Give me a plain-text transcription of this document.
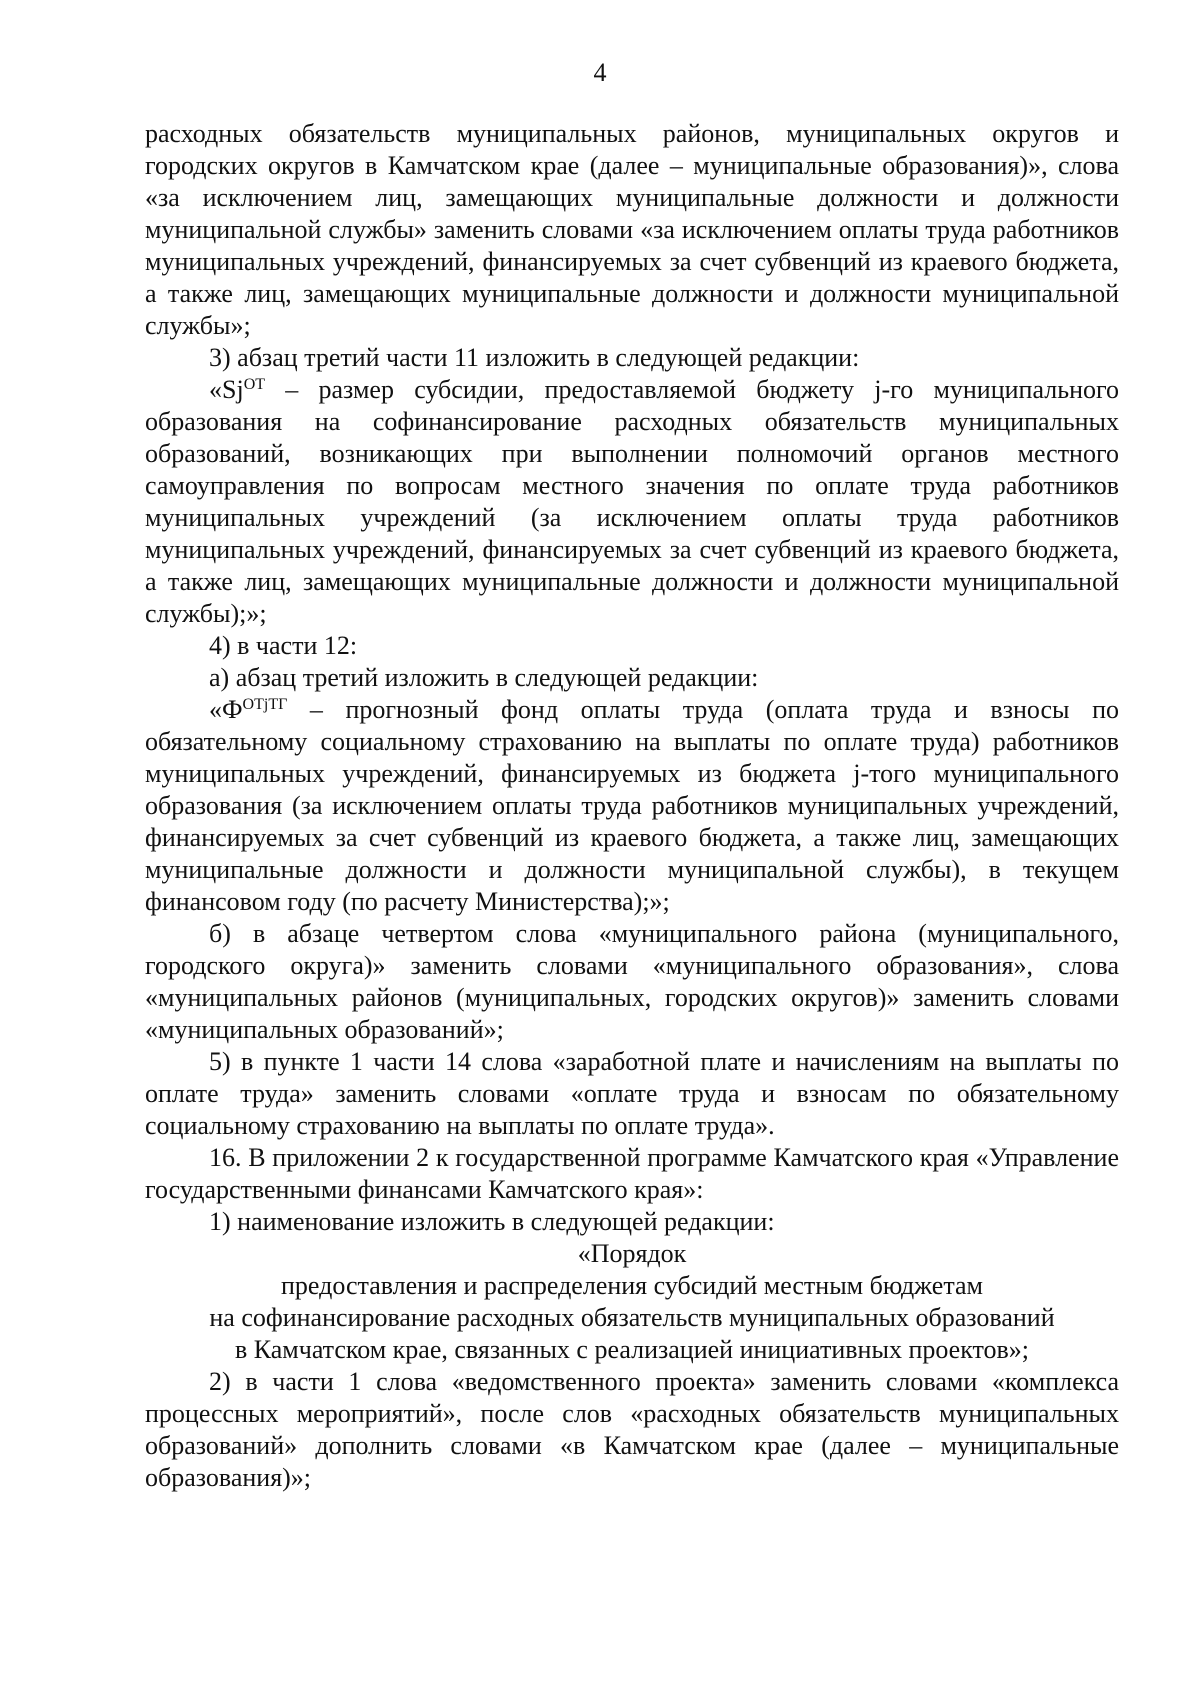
4

расходных обязательств муниципальных районов, муниципальных округов и городских округов в Камчатском крае (далее – муниципальные образования)», слова «за исключением лиц, замещающих муниципальные должности и должности муниципальной службы» заменить словами «за исключением оплаты труда работников муниципальных учреждений, финансируемых за счет субвенций из краевого бюджета, а также лиц, замещающих муниципальные должности и должности муниципальной службы»;

3) абзац третий части 11 изложить в следующей редакции:

«$Sj^{ОТ}$ – размер субсидии, предоставляемой бюджету j-го муниципального образования на софинансирование расходных обязательств муниципальных образований, возникающих при выполнении полномочий органов местного самоуправления по вопросам местного значения по оплате труда работников муниципальных учреждений (за исключением оплаты труда работников муниципальных учреждений, финансируемых за счет субвенций из краевого бюджета, а также лиц, замещающих муниципальные должности и должности муниципальной службы);»;

4) в части 12:

а) абзац третий изложить в следующей редакции:

«$Ф^{ОТjТГ}$ – прогнозный фонд оплаты труда (оплата труда и взносы по обязательному социальному страхованию на выплаты по оплате труда) работников муниципальных учреждений, финансируемых из бюджета j-того муниципального образования (за исключением оплаты труда работников муниципальных учреждений, финансируемых за счет субвенций из краевого бюджета, а также лиц, замещающих муниципальные должности и должности муниципальной службы), в текущем финансовом году (по расчету Министерства);»;

б) в абзаце четвертом слова «муниципального района (муниципального, городского округа)» заменить словами «муниципального образования», слова «муниципальных районов (муниципальных, городских округов)» заменить словами «муниципальных образований»;

5) в пункте 1 части 14 слова «заработной плате и начислениям на выплаты по оплате труда» заменить словами «оплате труда и взносам по обязательному социальному страхованию на выплаты по оплате труда».

16. В приложении 2 к государственной программе Камчатского края «Управление государственными финансами Камчатского края»:

1) наименование изложить в следующей редакции:

«Порядок

предоставления и распределения субсидий местным бюджетам

на софинансирование расходных обязательств муниципальных образований

в Камчатском крае, связанных с реализацией инициативных проектов»;

2) в части 1 слова «ведомственного проекта» заменить словами «комплекса процессных мероприятий», после слов «расходных обязательств муниципальных образований» дополнить словами «в Камчатском крае (далее – муниципальные образования)»;
